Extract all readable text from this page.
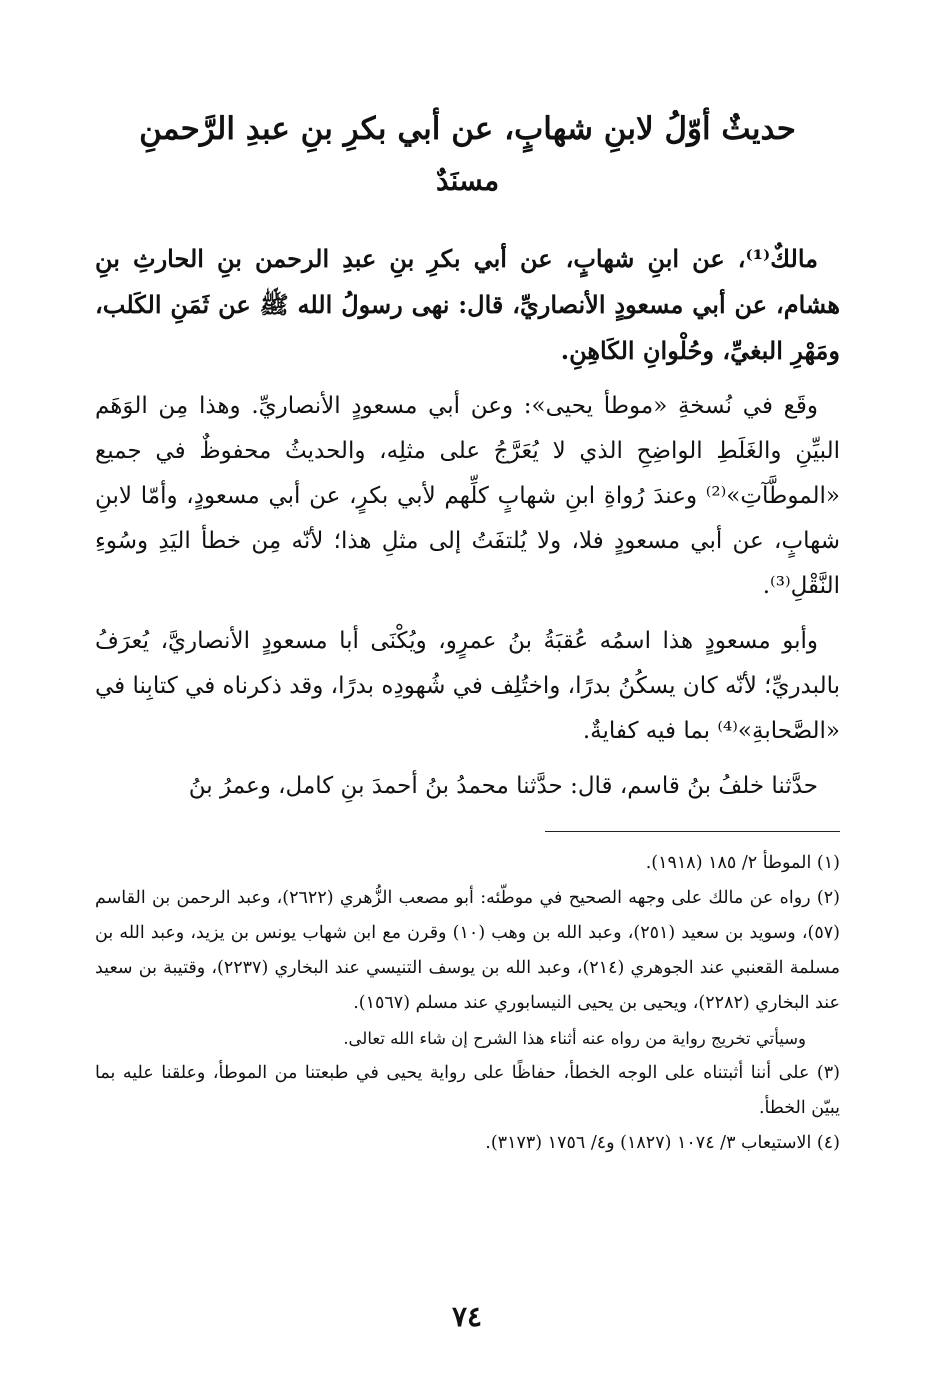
حديثٌ أوّلُ لابنِ شهابٍ، عن أبي بكرِ بنِ عبدِ الرَّحمنِ
مسنَدٌ

مالكٌ⁽¹⁾، عن ابنِ شهابٍ، عن أبي بكرِ بنِ عبدِ الرحمن بنِ الحارثِ بنِ هشام، عن أبي مسعودٍ الأنصاريِّ، قال: نهى رسولُ الله ﷺ عن ثَمَنِ الكَلب، ومَهْرِ البغيِّ، وحُلْوانِ الكَاهِنِ.

وقَع في نُسخةِ «موطأ يحيى»: وعن أبي مسعودٍ الأنصاريِّ. وهذا مِن الوَهَم البيِّنِ والغَلَطِ الواضِحِ الذي لا يُعَرَّجُ على مثلِه، والحديثُ محفوظٌ في جميع «الموطَّآتِ»⁽²⁾ وعندَ رُواةِ ابنِ شهابٍ كلِّهم لأبي بكرٍ، عن أبي مسعودٍ، وأمّا لابنِ شهابٍ، عن أبي مسعودٍ فلا، ولا يُلتفَتُ إلى مثلِ هذا؛ لأنّه مِن خطأ اليَدِ وسُوءِ النَّقْلِ⁽³⁾.

وأبو مسعودٍ هذا اسمُه عُقبَةُ بنُ عمرٍو، ويُكْنَى أبا مسعودٍ الأنصاريَّ، يُعرَفُ بالبدريِّ؛ لأنّه كان يسكُنُ بدرًا، واختُلِف في شُهودِه بدرًا، وقد ذكرناه في كتابِنا في «الصَّحابةِ»⁽⁴⁾ بما فيه كفايةٌ.

حدَّثنا خلفُ بنُ قاسم، قال: حدَّثنا محمدُ بنُ أحمدَ بنِ كامل، وعمرُ بنُ

(١) الموطأ ٢/ ١٨٥ (١٩١٨).

(٢) رواه عن مالك على وجهه الصحيح في موطّئه: أبو مصعب الزُّهري (٢٦٢٢)، وعبد الرحمن بن القاسم (٥٧)، وسويد بن سعيد (٢٥١)، وعبد الله بن وهب (١٠) وقرن مع ابن شهاب يونس بن يزيد، وعبد الله بن مسلمة القعنبي عند الجوهري (٢١٤)، وعبد الله بن يوسف التنيسي عند البخاري (٢٢٣٧)، وقتيبة بن سعيد عند البخاري (٢٢٨٢)، ويحيى بن يحيى النيسابوري عند مسلم (١٥٦٧).

وسيأتي تخريج رواية من رواه عنه أثناء هذا الشرح إن شاء الله تعالى.

(٣) على أننا أثبتناه على الوجه الخطأ، حفاظًا على رواية يحيى في طبعتنا من الموطأ، وعلقنا عليه بما يبيّن الخطأ.

(٤) الاستيعاب ٣/ ١٠٧٤ (١٨٢٧) و٤/ ١٧٥٦ (٣١٧٣).

٧٤
